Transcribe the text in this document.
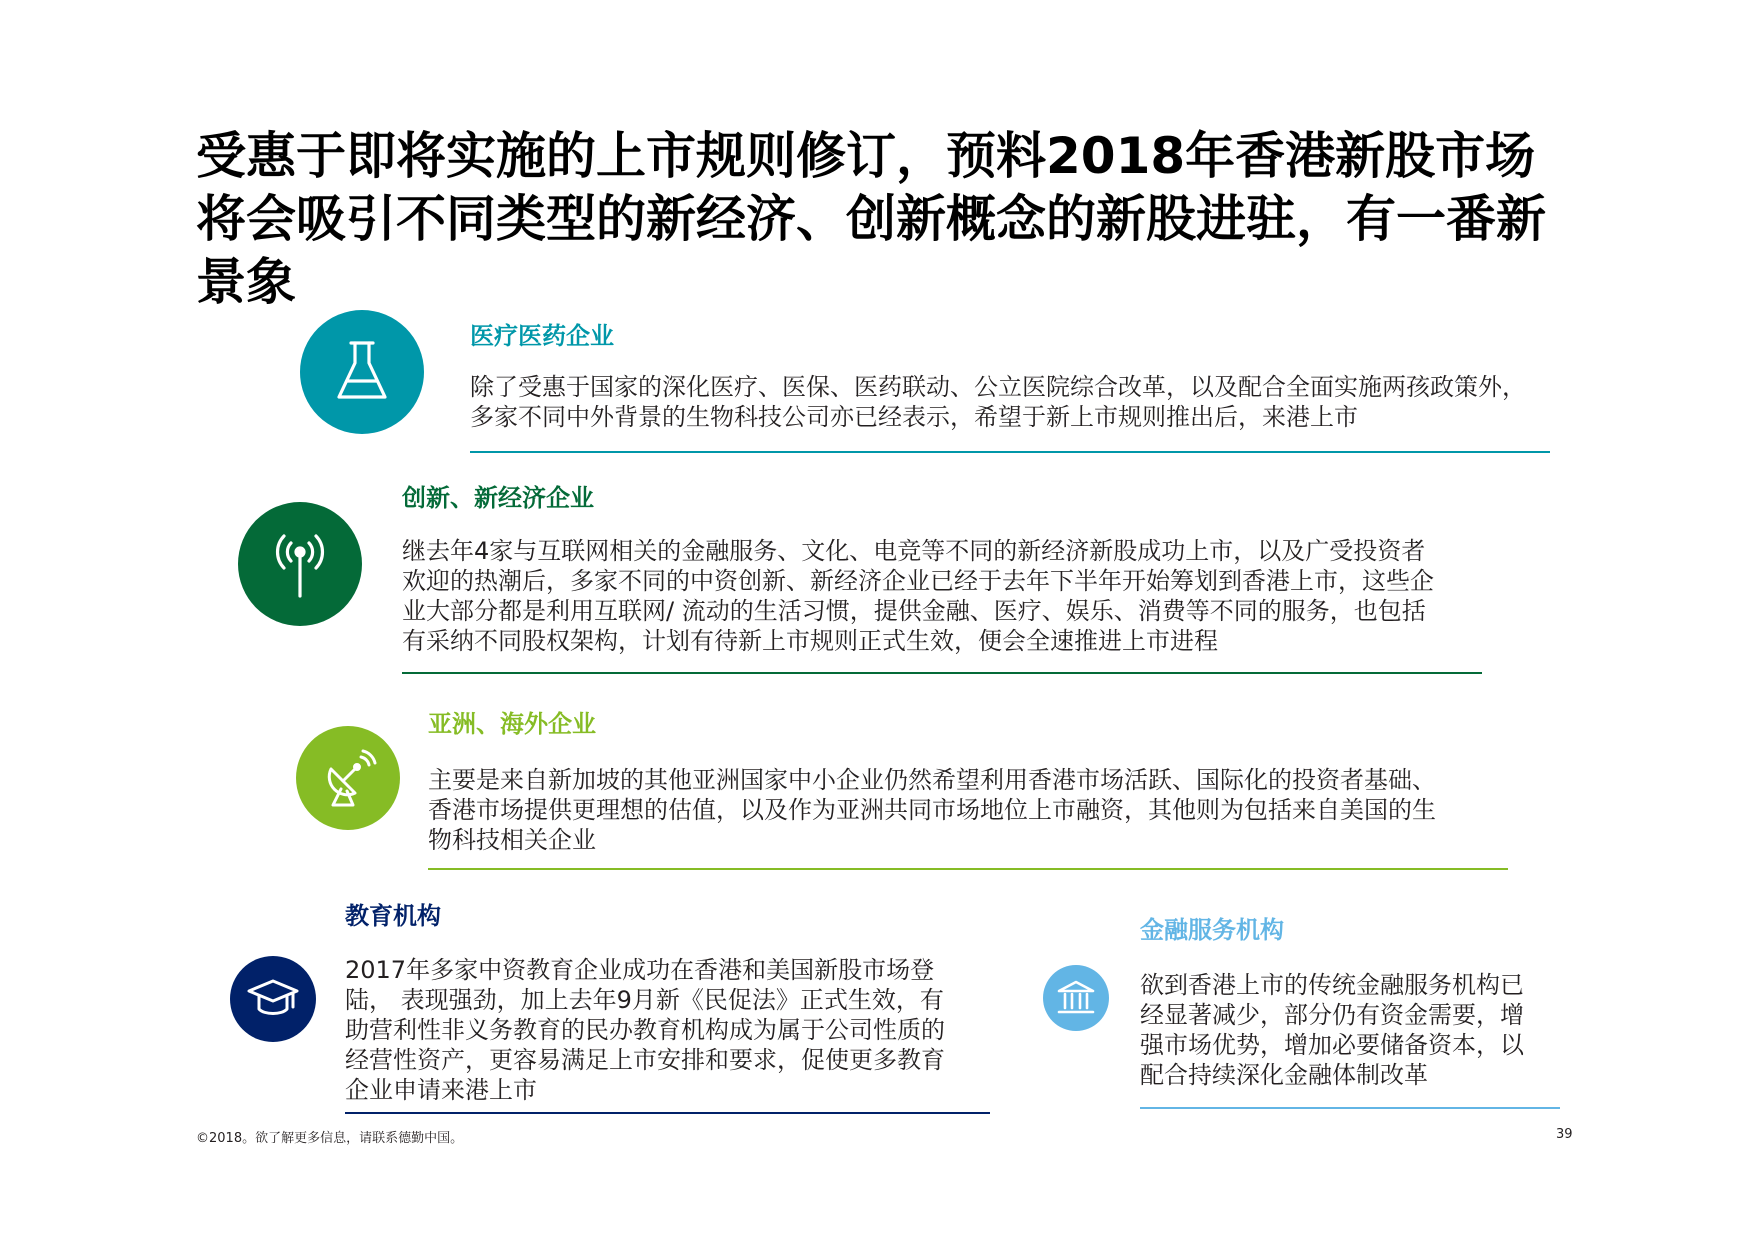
受惠于即将实施的上市规则修订，预料2018年香港新股市场
将会吸引不同类型的新经济、创新概念的新股进驻，有一番新
景象
医疗医药企业
除了受惠于国家的深化医疗、医保、医药联动、公立医院综合改革，以及配合全面实施两孩政策外，
多家不同中外背景的生物科技公司亦已经表示，希望于新上市规则推出后，来港上市
创新、新经济企业
继去年4家与互联网相关的金融服务、文化、电竞等不同的新经济新股成功上市，以及广受投资者
欢迎的热潮后，多家不同的中资创新、新经济企业已经于去年下半年开始筹划到香港上市，这些企
业大部分都是利用互联网/ 流动的生活习惯，提供金融、医疗、娱乐、消费等不同的服务，也包括
有采纳不同股权架构，计划有待新上市规则正式生效，便会全速推进上市进程
亚洲、海外企业
主要是来自新加坡的其他亚洲国家中小企业仍然希望利用香港市场活跃、国际化的投资者基础、
香港市场提供更理想的估值，以及作为亚洲共同市场地位上市融资，其他则为包括来自美国的生
物科技相关企业
教育机构
2017年多家中资教育企业成功在香港和美国新股市场登
陆， 表现强劲，加上去年9月新《民促法》正式生效，有
助营利性非义务教育的民办教育机构成为属于公司性质的
经营性资产，更容易满足上市安排和要求，促使更多教育
企业申请来港上市
金融服务机构
欲到香港上市的传统金融服务机构已
经显著减少，部分仍有资金需要，增
强市场优势，增加必要储备资本，以
配合持续深化金融体制改革
©2018。欲了解更多信息，请联系德勤中国。	39
